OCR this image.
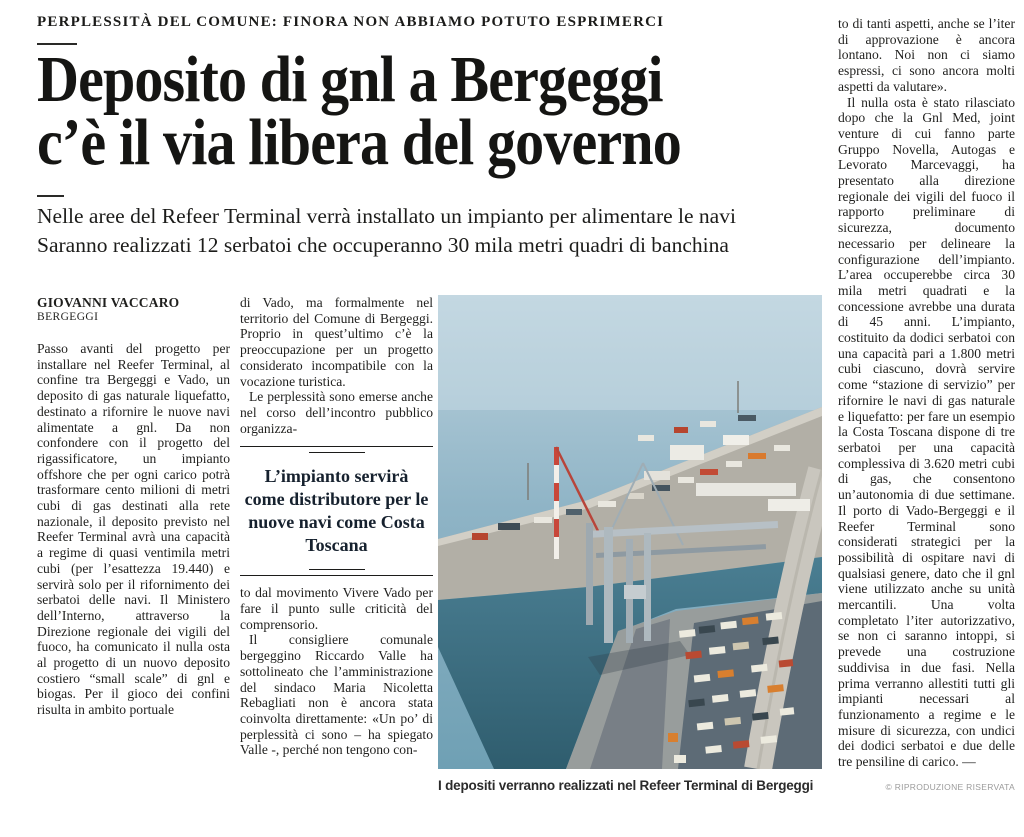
PERPLESSITÀ DEL COMUNE: FINORA NON ABBIAMO POTUTO ESPRIMERCI
Deposito di gnl a Bergeggi
c’è il via libera del governo
Nelle aree del Refeer Terminal verrà installato un impianto per alimentare le navi
Saranno realizzati 12 serbatoi che occuperanno 30 mila metri quadri di banchina
GIOVANNI VACCARO
BERGEGGI

Passo avanti del progetto per installare nel Reefer Terminal, al confine tra Bergeggi e Vado, un deposito di gas naturale liquefatto, destinato a rifornire le nuove navi alimentate a gnl. Da non confondere con il progetto del rigassificatore, un impianto offshore che per ogni carico potrà trasformare cento milioni di metri cubi di gas destinati alla rete nazionale, il deposito previsto nel Reefer Terminal avrà una capacità a regime di quasi ventimila metri cubi (per l’esattezza 19.440) e servirà solo per il rifornimento dei serbatoi delle navi. Il Ministero dell’Interno, attraverso la Direzione regionale dei vigili del fuoco, ha comunicato il nulla osta al progetto di un nuovo deposito costiero “small scale” di gnl e biogas. Per il gioco dei confini risulta in ambito portuale

di Vado, ma formalmente nel territorio del Comune di Bergeggi. Proprio in quest’ultimo c’è la preoccupazione per un progetto considerato incompatibile con la vocazione turistica.

Le perplessità sono emerse anche nel corso dell’incontro pubblico organizza-

L’impianto servirà come distributore per le nuove navi come Costa Toscana

to dal movimento Vivere Vado per fare il punto sulle criticità del comprensorio.

Il consigliere comunale bergeggino Riccardo Valle ha sottolineato che l’amministrazione del sindaco Maria Nicoletta Rebagliati non è ancora stata coinvolta direttamente: «Un po’ di perplessità ci sono – ha spiegato Valle -, perché non tengono con-

I depositi verranno realizzati nel Refeer Terminal di Bergeggi

to di tanti aspetti, anche se l’iter di approvazione è ancora lontano. Noi non ci siamo espressi, ci sono ancora molti aspetti da valutare».

Il nulla osta è stato rilasciato dopo che la Gnl Med, joint venture di cui fanno parte Gruppo Novella, Autogas e Levorato Marcevaggi, ha presentato alla direzione regionale dei vigili del fuoco il rapporto preliminare di sicurezza, documento necessario per delineare la configurazione dell’impianto. L’area occuperebbe circa 30 mila metri quadrati e la concessione avrebbe una durata di 45 anni. L’impianto, costituito da dodici serbatoi con una capacità pari a 1.800 metri cubi ciascuno, dovrà servire come “stazione di servizio” per rifornire le navi di gas naturale e liquefatto: per fare un esempio la Costa Toscana dispone di tre serbatoi per una capacità complessiva di 3.620 metri cubi di gas, che consentono un’autonomia di due settimane. Il porto di Vado-Bergeggi e il Reefer Terminal sono considerati strategici per la possibilità di ospitare navi di qualsiasi genere, dato che il gnl viene utilizzato anche su unità mercantili. Una volta completato l’iter autorizzativo, se non ci saranno intoppi, si prevede una costruzione suddivisa in due fasi. Nella prima verranno allestiti tutti gli impianti necessari al funzionamento a regime e le misure di sicurezza, con undici dei dodici serbatoi e due delle tre pensiline di carico. —

© RIPRODUZIONE RISERVATA
